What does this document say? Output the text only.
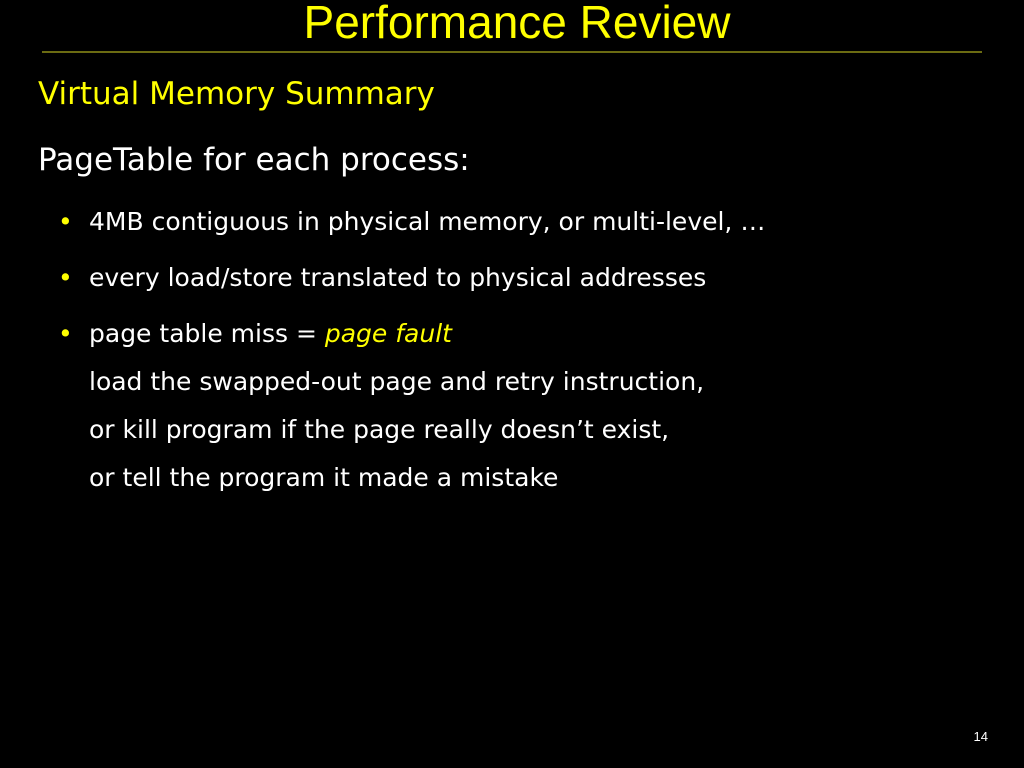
Performance Review
Virtual Memory Summary
PageTable for each process:
• 4MB contiguous in physical memory, or multi-level, …
• every load/store translated to physical addresses
• page table miss = page fault
load the swapped-out page and retry instruction,
or kill program if the page really doesn’t exist,
or tell the program it made a mistake
14
